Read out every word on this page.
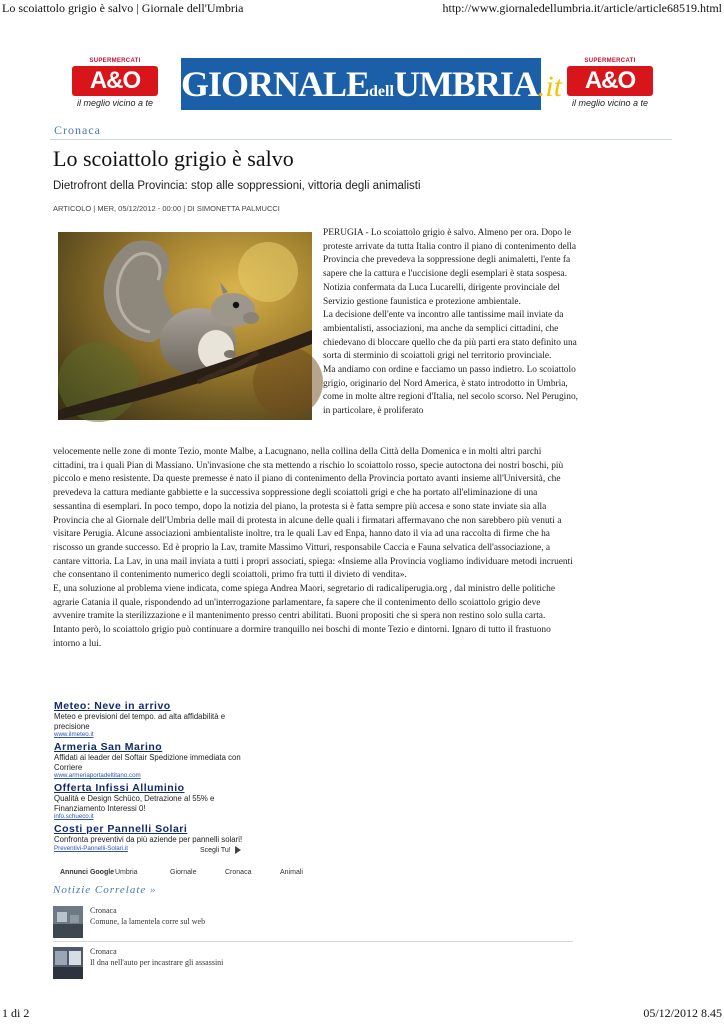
Lo scoiattolo grigio è salvo | Giornale dell'Umbria	http://www.giornaledellumbria.it/article/article68519.html
SUPERMERCATI
A&O
il meglio vicino a te GIORNALEdellUMBRIA.it
SUPERMERCATI
A&O
il meglio vicino a te
Cronaca
Lo scoiattolo grigio è salvo
Dietrofront della Provincia: stop alle soppressioni, vittoria degli animalisti
ARTICOLO | MER, 05/12/2012 - 00:00 | DI SIMONETTA PALMUCCI

PERUGIA - Lo scoiattolo grigio è salvo. Almeno per ora. Dopo le proteste arrivate da tutta Italia contro il piano di contenimento della Provincia che prevedeva la soppressione degli animaletti, l'ente fa sapere che la cattura e l'uccisione degli esemplari è stata sospesa. Notizia confermata da Luca Lucarelli, dirigente provinciale del Servizio gestione faunistica e protezione ambientale.

La decisione dell'ente va incontro alle tantissime mail inviate da ambientalisti, associazioni, ma anche da semplici cittadini, che chiedevano di bloccare quello che da più parti era stato definito una sorta di sterminio di scoiattoli grigi nel territorio provinciale.

Ma andiamo con ordine e facciamo un passo indietro. Lo scoiattolo grigio, originario del Nord America, è stato introdotto in Umbria, come in molte altre regioni d'Italia, nel secolo scorso. Nel Perugino, in particolare, è proliferato

velocemente nelle zone di monte Tezio, monte Malbe, a Lacugnano, nella collina della Città della Domenica e in molti altri parchi cittadini, tra i quali Pian di Massiano. Un'invasione che sta mettendo a rischio lo scoiattolo rosso, specie autoctona dei nostri boschi, più piccolo e meno resistente. Da queste premesse è nato il piano di contenimento della Provincia portato avanti insieme all'Università, che prevedeva la cattura mediante gabbiette e la successiva soppressione degli scoiattoli grigi e che ha portato all'eliminazione di una sessantina di esemplari. In poco tempo, dopo la notizia del piano, la protesta si è fatta sempre più accesa e sono state inviate sia alla Provincia che al Giornale dell'Umbria delle mail di protesta in alcune delle quali i firmatari affermavano che non sarebbero più venuti a visitare Perugia. Alcune associazioni ambientaliste inoltre, tra le quali Lav ed Enpa, hanno dato il via ad una raccolta di firme che ha riscosso un grande successo. Ed è proprio la Lav, tramite Massimo Vitturi, responsabile Caccia e Fauna selvatica dell'associazione, a cantare vittoria. La Lav, in una mail inviata a tutti i propri associati, spiega: «Insieme alla Provincia vogliamo individuare metodi incruenti che consentano il contenimento numerico degli scoiattoli, primo fra tutti il divieto di vendita».

E, una soluzione al problema viene indicata, come spiega Andrea Maori, segretario di radicaliperugia.org , dal ministro delle politiche agrarie Catania il quale, rispondendo ad un'interrogazione parlamentare, fa sapere che il contenimento dello scoiattolo grigio deve avvenire tramite la sterilizzazione e il mantenimento presso centri abilitati. Buoni propositi che si spera non restino solo sulla carta. Intanto però, lo scoiattolo grigio può continuare a dormire tranquillo nei boschi di monte Tezio e dintorni. Ignaro di tutto il frastuono intorno a lui.

Meteo: Neve in arrivo
Meteo e previsioni del tempo. ad alta affidabilità e precisione
www.ilmeteo.it
Armeria San Marino
Affidati ai leader del Softair Spedizione immediata con Corriere
www.armeriaportadeltitano.com
Offerta Infissi Alluminio
Qualità e Design Schüco, Detrazione al 55% e Finanziamento Interessi 0!
info.schueco.it
Costi per Pannelli Solari
Confronta preventivi da più aziende per pannelli solari!
Preventivi-Pannelli-Solari.it	Scegli Tu!
Annunci GoogleUmbria	Giornale	Cronaca	Animali
Notizie Correlate »
Cronaca
Comune, la lamentela corre sul web
Cronaca
Il dna nell'auto per incastrare gli assassini
1 di 2	05/12/2012 8.45
